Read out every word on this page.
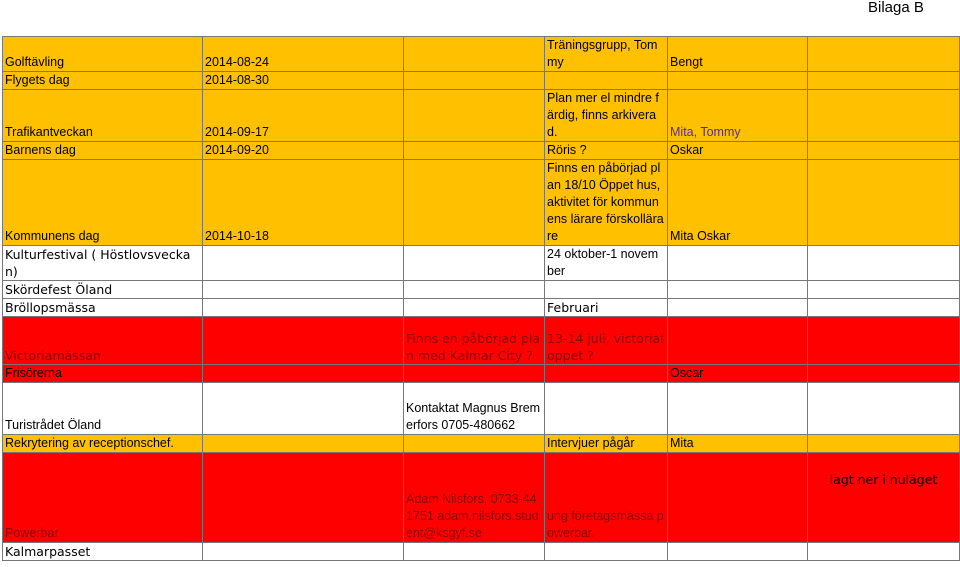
Bilaga B
Golftävling	2014-08-24		Träningsgrupp, Tommy	Bengt	
Flygets dag	2014-08-30				
Trafikantveckan	2014-09-17		Plan mer el mindre färdig, finns arkiverad.	Mita, Tommy	
Barnens dag	2014-09-20		Röris ?	Oskar	
Kommunens dag	2014-10-18		Finns en påbörjad plan 18/10 Öppet hus, aktivitet för kommunens lärare förskollärare	Mita Oskar	
Kulturfestival ( Höstlovsveckan)			24 oktober-1 november		
Skördefest Öland					
Bröllopsmässa			Februari		
Victoriamässan		Finns en påbörjad plan med Kalmar City ?	13-14 juli, victorialoppet ?		
Frisörerna				Oscar	
Turistrådet Öland		Kontaktat Magnus Bremerfors 0705-480662			
Rekrytering av receptionschef.			Intervjuer pågår	Mita	
Powerbar		Adam Nilsfors, 0733-441751 adam.nilsfors.student@ksgyf.se	ung företagsmässa powerbar.		lagt ner i nuläget
Kalmarpasset					
